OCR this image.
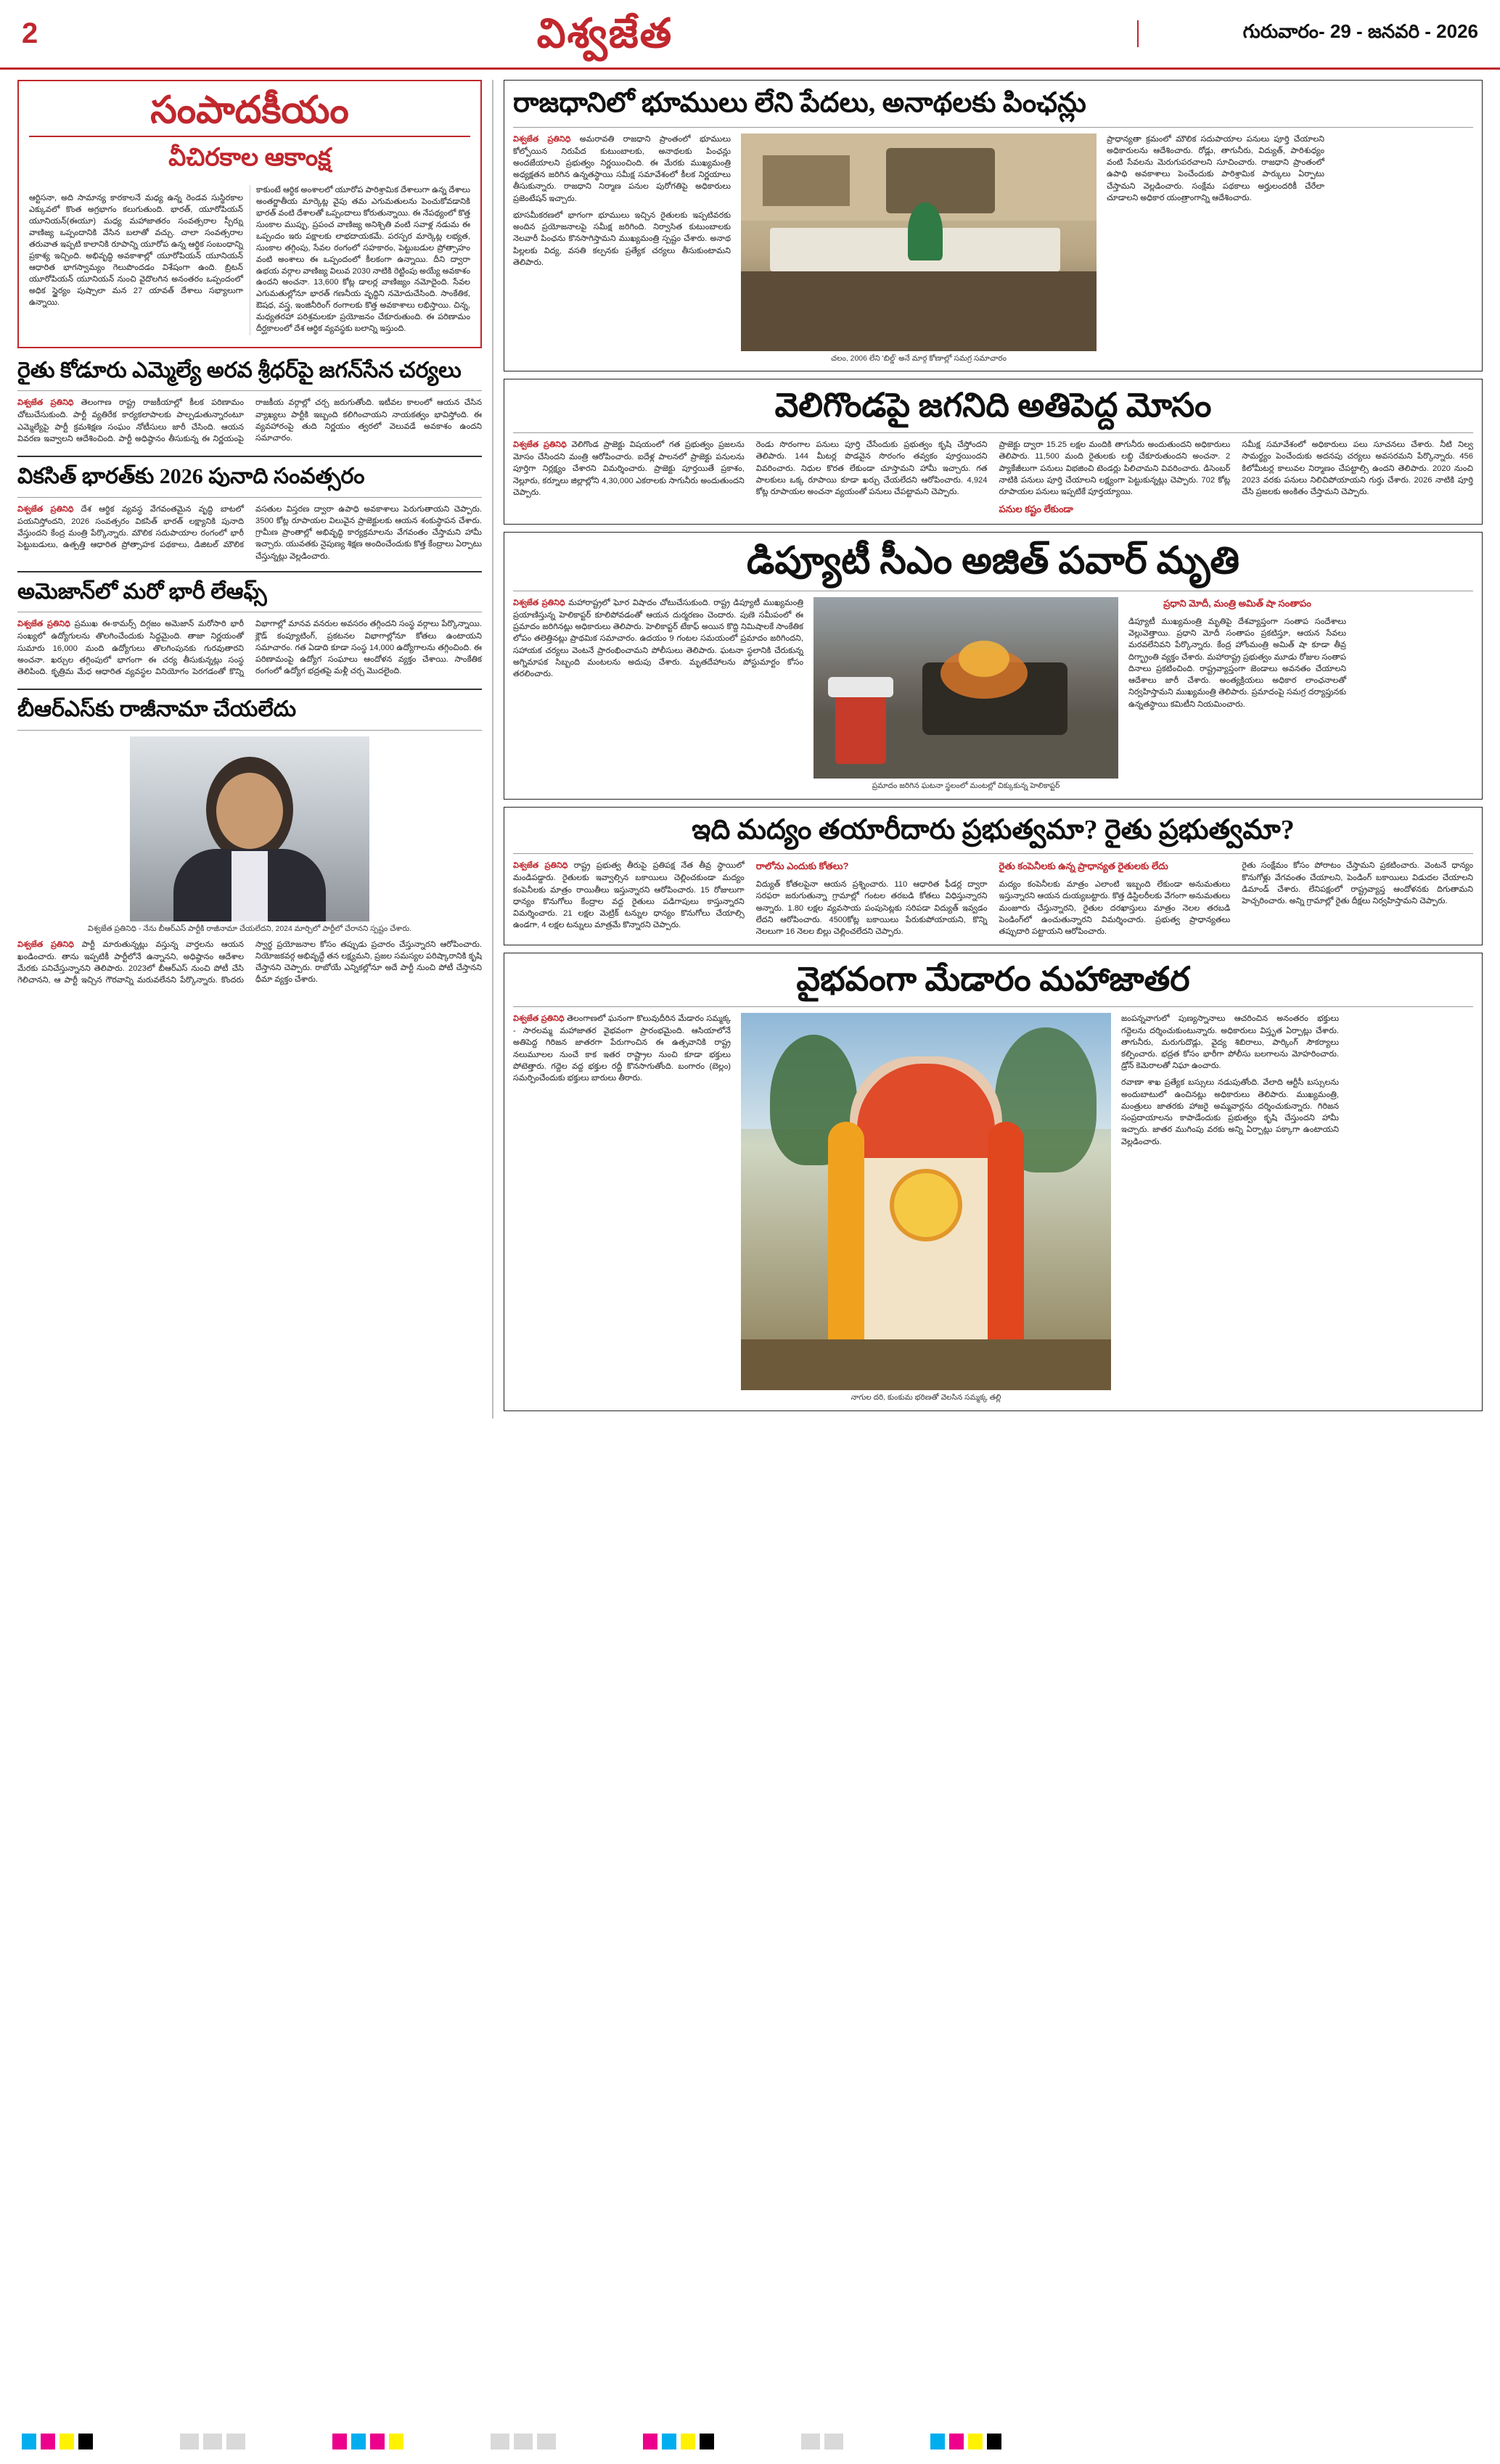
2	విశ్వజేత	గురువారం- 29 - జనవరి - 2026
సంపాదకీయం
వీచిరకాల ఆకాంక్ష

ఆర్టిసనా, అది సామాన్య కారకాలనే మధ్య ఉన్న రెండవ సుస్థిరకాల ఎక్కువలో కొంత అగ్రభాగం కలుగుతుంది. భారత్, యూరోపియన్ యూనియన్(ఈయూ) మధ్య మహాజాతరం సంవత్సరాల స్పీర్ను వాణిజ్య ఒప్పందానికి వేసిన బలాతో వచ్చు. చాలా సంవత్సరాల తరువాత ఇప్పటి కాలానికి రూపాన్ని యూరోప ఉన్న ఆర్థిక సంబంధాన్ని ప్రకాశ్య ఇచ్చింది. అభివృద్ధి అవకాశాల్లో యూరోపియన్ యూనియన్ ఆధారిత భాగస్వామ్యం గెలుపొందడం విశేషంగా ఉంది. బ్రిటన్ యూరోపియన్ యూనియన్ నుంచి వైదొలగిన అనంతరం ఒప్పందంలో అధిక స్థైర్యం పుష్పాలా మన 27 యావత్ దేశాలు సభ్యాలుగా ఉన్నాయి.

కాకుంటే ఆర్ధిక అంశాలలో యూరోప పారిశ్రామిక దేశాలుగా ఉన్న దేశాలు అంతర్జాతీయ మార్కెట్ల వైపు తమ ఎగుమతులను పెంచుకోవడానికి భారత్ వంటి దేశాలతో ఒప్పందాలు కోరుతున్నాయి. ఈ నేపథ్యంలో కొత్త సుంకాల ముప్పు, ప్రపంచ వాణిజ్య అనిశ్చితి వంటి సవాళ్ల నడుమ ఈ ఒప్పందం ఇరు పక్షాలకు లాభదాయకమే. పరస్పర మార్కెట్ల లభ్యత, సుంకాల తగ్గింపు, సేవల రంగంలో సహకారం, పెట్టుబడుల ప్రోత్సాహం వంటి అంశాలు ఈ ఒప్పందంలో కీలకంగా ఉన్నాయి. దీని ద్వారా ఉభయ వర్గాల వాణిజ్య విలువ 2030 నాటికి రెట్టింపు అయ్యే అవకాశం ఉందని అంచనా. 13,600 కోట్ల డాలర్ల వాణిజ్యం నమోదైంది. సేవల ఎగుమతుల్లోనూ భారత్ గణనీయ వృద్ధిని నమోదుచేసింది. సాంకేతిక, ఔషధ, వస్త్ర, ఇంజినీరింగ్ రంగాలకు కొత్త అవకాశాలు లభిస్తాయి. చిన్న, మధ్యతరహా పరిశ్రమలకూ ప్రయోజనం చేకూరుతుంది. ఈ పరిణామం దీర్ఘకాలంలో దేశ ఆర్థిక వ్యవస్థకు బలాన్ని ఇస్తుంది.

రైతు కోడూరు ఎమ్మెల్యే అరవ శ్రీధర్‌పై జగన్‌సేన చర్యలు

విశ్వజేత ప్రతినిధి తెలంగాణ రాష్ట్ర రాజకీయాల్లో కీలక పరిణామం చోటుచేసుకుంది. పార్టీ వ్యతిరేక కార్యకలాపాలకు పాల్పడుతున్నారంటూ ఎమ్మెల్యేపై పార్టీ క్రమశిక్షణ సంఘం నోటీసులు జారీ చేసింది. ఆయన వివరణ ఇవ్వాలని ఆదేశించింది. పార్టీ అధిష్ఠానం తీసుకున్న ఈ నిర్ణయంపై రాజకీయ వర్గాల్లో చర్చ జరుగుతోంది. ఇటీవల కాలంలో ఆయన చేసిన వ్యాఖ్యలు పార్టీకి ఇబ్బంది కలిగించాయని నాయకత్వం భావిస్తోంది. ఈ వ్యవహారంపై తుది నిర్ణయం త్వరలో వెలువడే అవకాశం ఉందని సమాచారం.

వికసిత్ భారత్‌కు 2026 పునాది సంవత్సరం

విశ్వజేత ప్రతినిధి దేశ ఆర్థిక వ్యవస్థ వేగవంతమైన వృద్ధి బాటలో పయనిస్తోందని, 2026 సంవత్సరం వికసిత్ భారత్ లక్ష్యానికి పునాది వేస్తుందని కేంద్ర మంత్రి పేర్కొన్నారు. మౌలిక సదుపాయాల రంగంలో భారీ పెట్టుబడులు, ఉత్పత్తి ఆధారిత ప్రోత్సాహక పథకాలు, డిజిటల్ మౌలిక వసతుల విస్తరణ ద్వారా ఉపాధి అవకాశాలు పెరుగుతాయని చెప్పారు. 3500 కోట్ల రూపాయల విలువైన ప్రాజెక్టులకు ఆయన శంకుస్థాపన చేశారు. గ్రామీణ ప్రాంతాల్లో అభివృద్ధి కార్యక్రమాలను వేగవంతం చేస్తామని హామీ ఇచ్చారు. యువతకు నైపుణ్య శిక్షణ అందించేందుకు కొత్త కేంద్రాలు ఏర్పాటు చేస్తున్నట్లు వెల్లడించారు.

అమెజాన్‌లో మరో భారీ లేఆఫ్స్

విశ్వజేత ప్రతినిధి ప్రముఖ ఈ-కామర్స్ దిగ్గజం అమెజాన్ మరోసారి భారీ సంఖ్యలో ఉద్యోగులను తొలగించేందుకు సిద్ధమైంది. తాజా నిర్ణయంతో సుమారు 16,000 మంది ఉద్యోగులు తొలగింపునకు గురవుతారని అంచనా. ఖర్చుల తగ్గింపులో భాగంగా ఈ చర్య తీసుకున్నట్లు సంస్థ తెలిపింది. కృత్రిమ మేధ ఆధారిత వ్యవస్థల వినియోగం పెరగడంతో కొన్ని విభాగాల్లో మానవ వనరుల అవసరం తగ్గిందని సంస్థ వర్గాలు పేర్కొన్నాయి. క్లౌడ్ కంప్యూటింగ్, ప్రకటనల విభాగాల్లోనూ కోతలు ఉంటాయని సమాచారం. గత ఏడాది కూడా సంస్థ 14,000 ఉద్యోగాలను తగ్గించింది. ఈ పరిణామంపై ఉద్యోగ సంఘాలు ఆందోళన వ్యక్తం చేశాయి. సాంకేతిక రంగంలో ఉద్యోగ భద్రతపై మళ్లీ చర్చ మొదలైంది.

బీఆర్ఎస్‌కు రాజీనామా చేయలేదు
విశ్వజేత ప్రతినిధి - నేను బీఆర్ఎస్ పార్టీకి రాజీనామా చేయలేదని, 2024 మార్చిలో పార్టీలో చేరానని స్పష్టం చేశారు.

విశ్వజేత ప్రతినిధి పార్టీ మారుతున్నట్లు వస్తున్న వార్తలను ఆయన ఖండించారు. తాను ఇప్పటికీ పార్టీలోనే ఉన్నానని, అధిష్ఠానం ఆదేశాల మేరకు పనిచేస్తున్నానని తెలిపారు. 2023లో బీఆర్ఎస్ నుంచి పోటీ చేసి గెలిచానని, ఆ పార్టీ ఇచ్చిన గౌరవాన్ని మరువలేనని పేర్కొన్నారు. కొందరు స్వార్థ ప్రయోజనాల కోసం తప్పుడు ప్రచారం చేస్తున్నారని ఆరోపించారు. నియోజకవర్గ అభివృద్ధే తన లక్ష్యమని, ప్రజల సమస్యల పరిష్కారానికి కృషి చేస్తానని చెప్పారు. రాబోయే ఎన్నికల్లోనూ అదే పార్టీ నుంచి పోటీ చేస్తానని ధీమా వ్యక్తం చేశారు.

రాజధానిలో భూములు లేని పేదలు, అనాథలకు పింఛన్లు

విశ్వజేత ప్రతినిధి అమరావతి రాజధాని ప్రాంతంలో భూములు కోల్పోయిన నిరుపేద కుటుంబాలకు, అనాథలకు పింఛన్లు అందజేయాలని ప్రభుత్వం నిర్ణయించింది. ఈ మేరకు ముఖ్యమంత్రి అధ్యక్షతన జరిగిన ఉన్నతస్థాయి సమీక్ష సమావేశంలో కీలక నిర్ణయాలు తీసుకున్నారు. రాజధాని నిర్మాణ పనుల పురోగతిపై అధికారులు ప్రజెంటేషన్ ఇచ్చారు.

భూసమీకరణలో భాగంగా భూములు ఇచ్చిన రైతులకు ఇప్పటివరకు అందిన ప్రయోజనాలపై సమీక్ష జరిగింది. నిర్వాసిత కుటుంబాలకు నెలవారీ పింఛను కొనసాగిస్తామని ముఖ్యమంత్రి స్పష్టం చేశారు. అనాథ పిల్లలకు విద్య, వసతి కల్పనకు ప్రత్యేక చర్యలు తీసుకుంటామని తెలిపారు.

చలం, 2006 లేని 'బిల్డ్' అనే మార్గ కోణాల్లో సమగ్ర సమాచారం

ప్రాధాన్యతా క్రమంలో మౌలిక సదుపాయాల పనులు పూర్తి చేయాలని అధికారులను ఆదేశించారు. రోడ్లు, తాగునీరు, విద్యుత్, పారిశుధ్యం వంటి సేవలను మెరుగుపరచాలని సూచించారు. రాజధాని ప్రాంతంలో ఉపాధి అవకాశాలు పెంచేందుకు పారిశ్రామిక పార్కులు ఏర్పాటు చేస్తామని వెల్లడించారు. సంక్షేమ పథకాలు అర్హులందరికీ చేరేలా చూడాలని అధికార యంత్రాంగాన్ని ఆదేశించారు.

వెలిగొండపై జగనిది అతిపెద్ద మోసం

విశ్వజేత ప్రతినిధి వెలిగొండ ప్రాజెక్టు విషయంలో గత ప్రభుత్వం ప్రజలను మోసం చేసిందని మంత్రి ఆరోపించారు. ఐదేళ్ల పాలనలో ప్రాజెక్టు పనులను పూర్తిగా నిర్లక్ష్యం చేశారని విమర్శించారు. ప్రాజెక్టు పూర్తయితే ప్రకాశం, నెల్లూరు, కర్నూలు జిల్లాల్లోని 4,30,000 ఎకరాలకు సాగునీరు అందుతుందని చెప్పారు.

రెండు సొరంగాల పనులు పూర్తి చేసేందుకు ప్రభుత్వం కృషి చేస్తోందని తెలిపారు. 144 మీటర్ల పొడవైన సొరంగం తవ్వకం పూర్తయిందని వివరించారు. నిధుల కొరత లేకుండా చూస్తామని హామీ ఇచ్చారు. గత పాలకులు ఒక్క రూపాయి కూడా ఖర్చు చేయలేదని ఆరోపించారు. 4,924 కోట్ల రూపాయల అంచనా వ్యయంతో పనులు చేపట్టామని చెప్పారు.

ప్రాజెక్టు ద్వారా 15.25 లక్షల మందికి తాగునీరు అందుతుందని అధికారులు తెలిపారు. 11,500 మంది రైతులకు లబ్ధి చేకూరుతుందని అంచనా. 2 ప్యాకేజీలుగా పనులు విభజించి టెండర్లు పిలిచామని వివరించారు. డిసెంబర్ నాటికి పనులు పూర్తి చేయాలని లక్ష్యంగా పెట్టుకున్నట్లు చెప్పారు. 702 కోట్ల రూపాయల పనులు ఇప్పటికే పూర్తయ్యాయి.

పనుల కష్టం లేకుండా

సమీక్ష సమావేశంలో అధికారులు పలు సూచనలు చేశారు. నీటి నిల్వ సామర్థ్యం పెంచేందుకు అదనపు చర్యలు అవసరమని పేర్కొన్నారు. 456 కిలోమీటర్ల కాలువల నిర్మాణం చేపట్టాల్సి ఉందని తెలిపారు. 2020 నుంచి 2023 వరకు పనులు నిలిచిపోయాయని గుర్తు చేశారు. 2026 నాటికి పూర్తి చేసి ప్రజలకు అంకితం చేస్తామని చెప్పారు.

డిప్యూటీ సీఎం అజిత్ పవార్ మృతి

విశ్వజేత ప్రతినిధి మహారాష్ట్రలో ఘోర విషాదం చోటుచేసుకుంది. రాష్ట్ర డిప్యూటీ ముఖ్యమంత్రి ప్రయాణిస్తున్న హెలికాప్టర్ కూలిపోవడంతో ఆయన దుర్మరణం చెందారు. పుణె సమీపంలో ఈ ప్రమాదం జరిగినట్లు అధికారులు తెలిపారు. హెలికాప్టర్ టేకాఫ్ అయిన కొద్ది నిమిషాలకే సాంకేతిక లోపం తలెత్తినట్లు ప్రాథమిక సమాచారం. ఉదయం 9 గంటల సమయంలో ప్రమాదం జరిగిందని, సహాయక చర్యలు వెంటనే ప్రారంభించామని పోలీసులు తెలిపారు. ఘటనా స్థలానికి చేరుకున్న అగ్నిమాపక సిబ్బంది మంటలను అదుపు చేశారు. మృతదేహాలను పోస్టుమార్టం కోసం తరలించారు.

ప్రమాదం జరిగిన ఘటనా స్థలంలో మంటల్లో చిక్కుకున్న హెలికాప్టర్

ప్రధాని మోదీ, మంత్రి అమిత్ షా సంతాపం

డిప్యూటీ ముఖ్యమంత్రి మృతిపై దేశవ్యాప్తంగా సంతాప సందేశాలు వెల్లువెత్తాయి. ప్రధాని మోదీ సంతాపం ప్రకటిస్తూ, ఆయన సేవలు మరవలేనివని పేర్కొన్నారు. కేంద్ర హోంమంత్రి అమిత్ షా కూడా తీవ్ర దిగ్భ్రాంతి వ్యక్తం చేశారు. మహారాష్ట్ర ప్రభుత్వం మూడు రోజుల సంతాప దినాలు ప్రకటించింది. రాష్ట్రవ్యాప్తంగా జెండాలు అవనతం చేయాలని ఆదేశాలు జారీ చేశారు. అంత్యక్రియలు అధికార లాంఛనాలతో నిర్వహిస్తామని ముఖ్యమంత్రి తెలిపారు. ప్రమాదంపై సమగ్ర దర్యాప్తునకు ఉన్నతస్థాయి కమిటీని నియమించారు.

ఇది మద్యం తయారీదారు ప్రభుత్వమా? రైతు ప్రభుత్వమా?

విశ్వజేత ప్రతినిధి రాష్ట్ర ప్రభుత్వ తీరుపై ప్రతిపక్ష నేత తీవ్ర స్థాయిలో మండిపడ్డారు. రైతులకు ఇవ్వాల్సిన బకాయిలు చెల్లించకుండా మద్యం కంపెనీలకు మాత్రం రాయితీలు ఇస్తున్నారని ఆరోపించారు. 15 రోజులుగా ధాన్యం కొనుగోలు కేంద్రాల వద్ద రైతులు పడిగాపులు కాస్తున్నారని విమర్శించారు. 21 లక్షల మెట్రిక్ టన్నుల ధాన్యం కొనుగోలు చేయాల్సి ఉండగా, 4 లక్షల టన్నులు మాత్రమే కొన్నారని చెప్పారు.

రాలోను ఎందుకు కోతలు?

విద్యుత్ కోతలపైనా ఆయన ప్రశ్నించారు. 110 ఆధారిత ఫీడర్ల ద్వారా సరఫరా జరుగుతున్నా గ్రామాల్లో గంటల తరబడి కోతలు విధిస్తున్నారని అన్నారు. 1.80 లక్షల వ్యవసాయ పంపుసెట్లకు సరిపడా విద్యుత్ ఇవ్వడం లేదని ఆరోపించారు. 4500కోట్ల బకాయిలు పేరుకుపోయాయని, కొన్ని నెలలుగా 16 నెలల బిల్లు చెల్లించలేదని చెప్పారు.

రైతు కంపెనీలకు ఉన్న ప్రాధాన్యత రైతులకు లేదు

మద్యం కంపెనీలకు మాత్రం ఎలాంటి ఇబ్బంది లేకుండా అనుమతులు ఇస్తున్నారని ఆయన దుయ్యబట్టారు. కొత్త డిస్టిలరీలకు వేగంగా అనుమతులు మంజూరు చేస్తున్నారని, రైతుల దరఖాస్తులు మాత్రం నెలల తరబడి పెండింగ్‌లో ఉంచుతున్నారని విమర్శించారు. ప్రభుత్వ ప్రాధాన్యతలు తప్పుదారి పట్టాయని ఆరోపించారు.

రైతు సంక్షేమం కోసం పోరాటం చేస్తామని ప్రకటించారు. వెంటనే ధాన్యం కొనుగోళ్లు వేగవంతం చేయాలని, పెండింగ్ బకాయిలు విడుదల చేయాలని డిమాండ్ చేశారు. లేనిపక్షంలో రాష్ట్రవ్యాప్త ఆందోళనకు దిగుతామని హెచ్చరించారు. అన్ని గ్రామాల్లో రైతు దీక్షలు నిర్వహిస్తామని చెప్పారు.

వైభవంగా మేడారం మహాజాతర

విశ్వజేత ప్రతినిధి తెలంగాణలో ఘనంగా కొలువుదీరిన మేడారం సమ్మక్క - సారలమ్మ మహాజాతర వైభవంగా ప్రారంభమైంది. ఆసియాలోనే అతిపెద్ద గిరిజన జాతరగా పేరుగాంచిన ఈ ఉత్సవానికి రాష్ట్ర నలుమూలల నుంచే కాక ఇతర రాష్ట్రాల నుంచి కూడా భక్తులు పోటెత్తారు. గద్దెల వద్ద భక్తుల రద్దీ కొనసాగుతోంది. బంగారం (బెల్లం) సమర్పించేందుకు భక్తులు బారులు తీరారు.

నాగుల దరి, కుంకుమ భరిణతో వెలసిన సమ్మక్క తల్లి

జంపన్నవాగులో పుణ్యస్నానాలు ఆచరించిన అనంతరం భక్తులు గద్దెలను దర్శించుకుంటున్నారు. అధికారులు విస్తృత ఏర్పాట్లు చేశారు. తాగునీరు, మరుగుదొడ్లు, వైద్య శిబిరాలు, పార్కింగ్ సౌకర్యాలు కల్పించారు. భద్రత కోసం భారీగా పోలీసు బలగాలను మోహరించారు. డ్రోన్ కెమెరాలతో నిఘా ఉంచారు.

రవాణా శాఖ ప్రత్యేక బస్సులు నడుపుతోంది. వేలాది ఆర్టీసీ బస్సులను అందుబాటులో ఉంచినట్లు అధికారులు తెలిపారు. ముఖ్యమంత్రి, మంత్రులు జాతరకు హాజరై అమ్మవార్లను దర్శించుకున్నారు. గిరిజన సంప్రదాయాలను కాపాడేందుకు ప్రభుత్వం కృషి చేస్తుందని హామీ ఇచ్చారు. జాతర ముగింపు వరకు అన్ని ఏర్పాట్లు పక్కాగా ఉంటాయని వెల్లడించారు.
